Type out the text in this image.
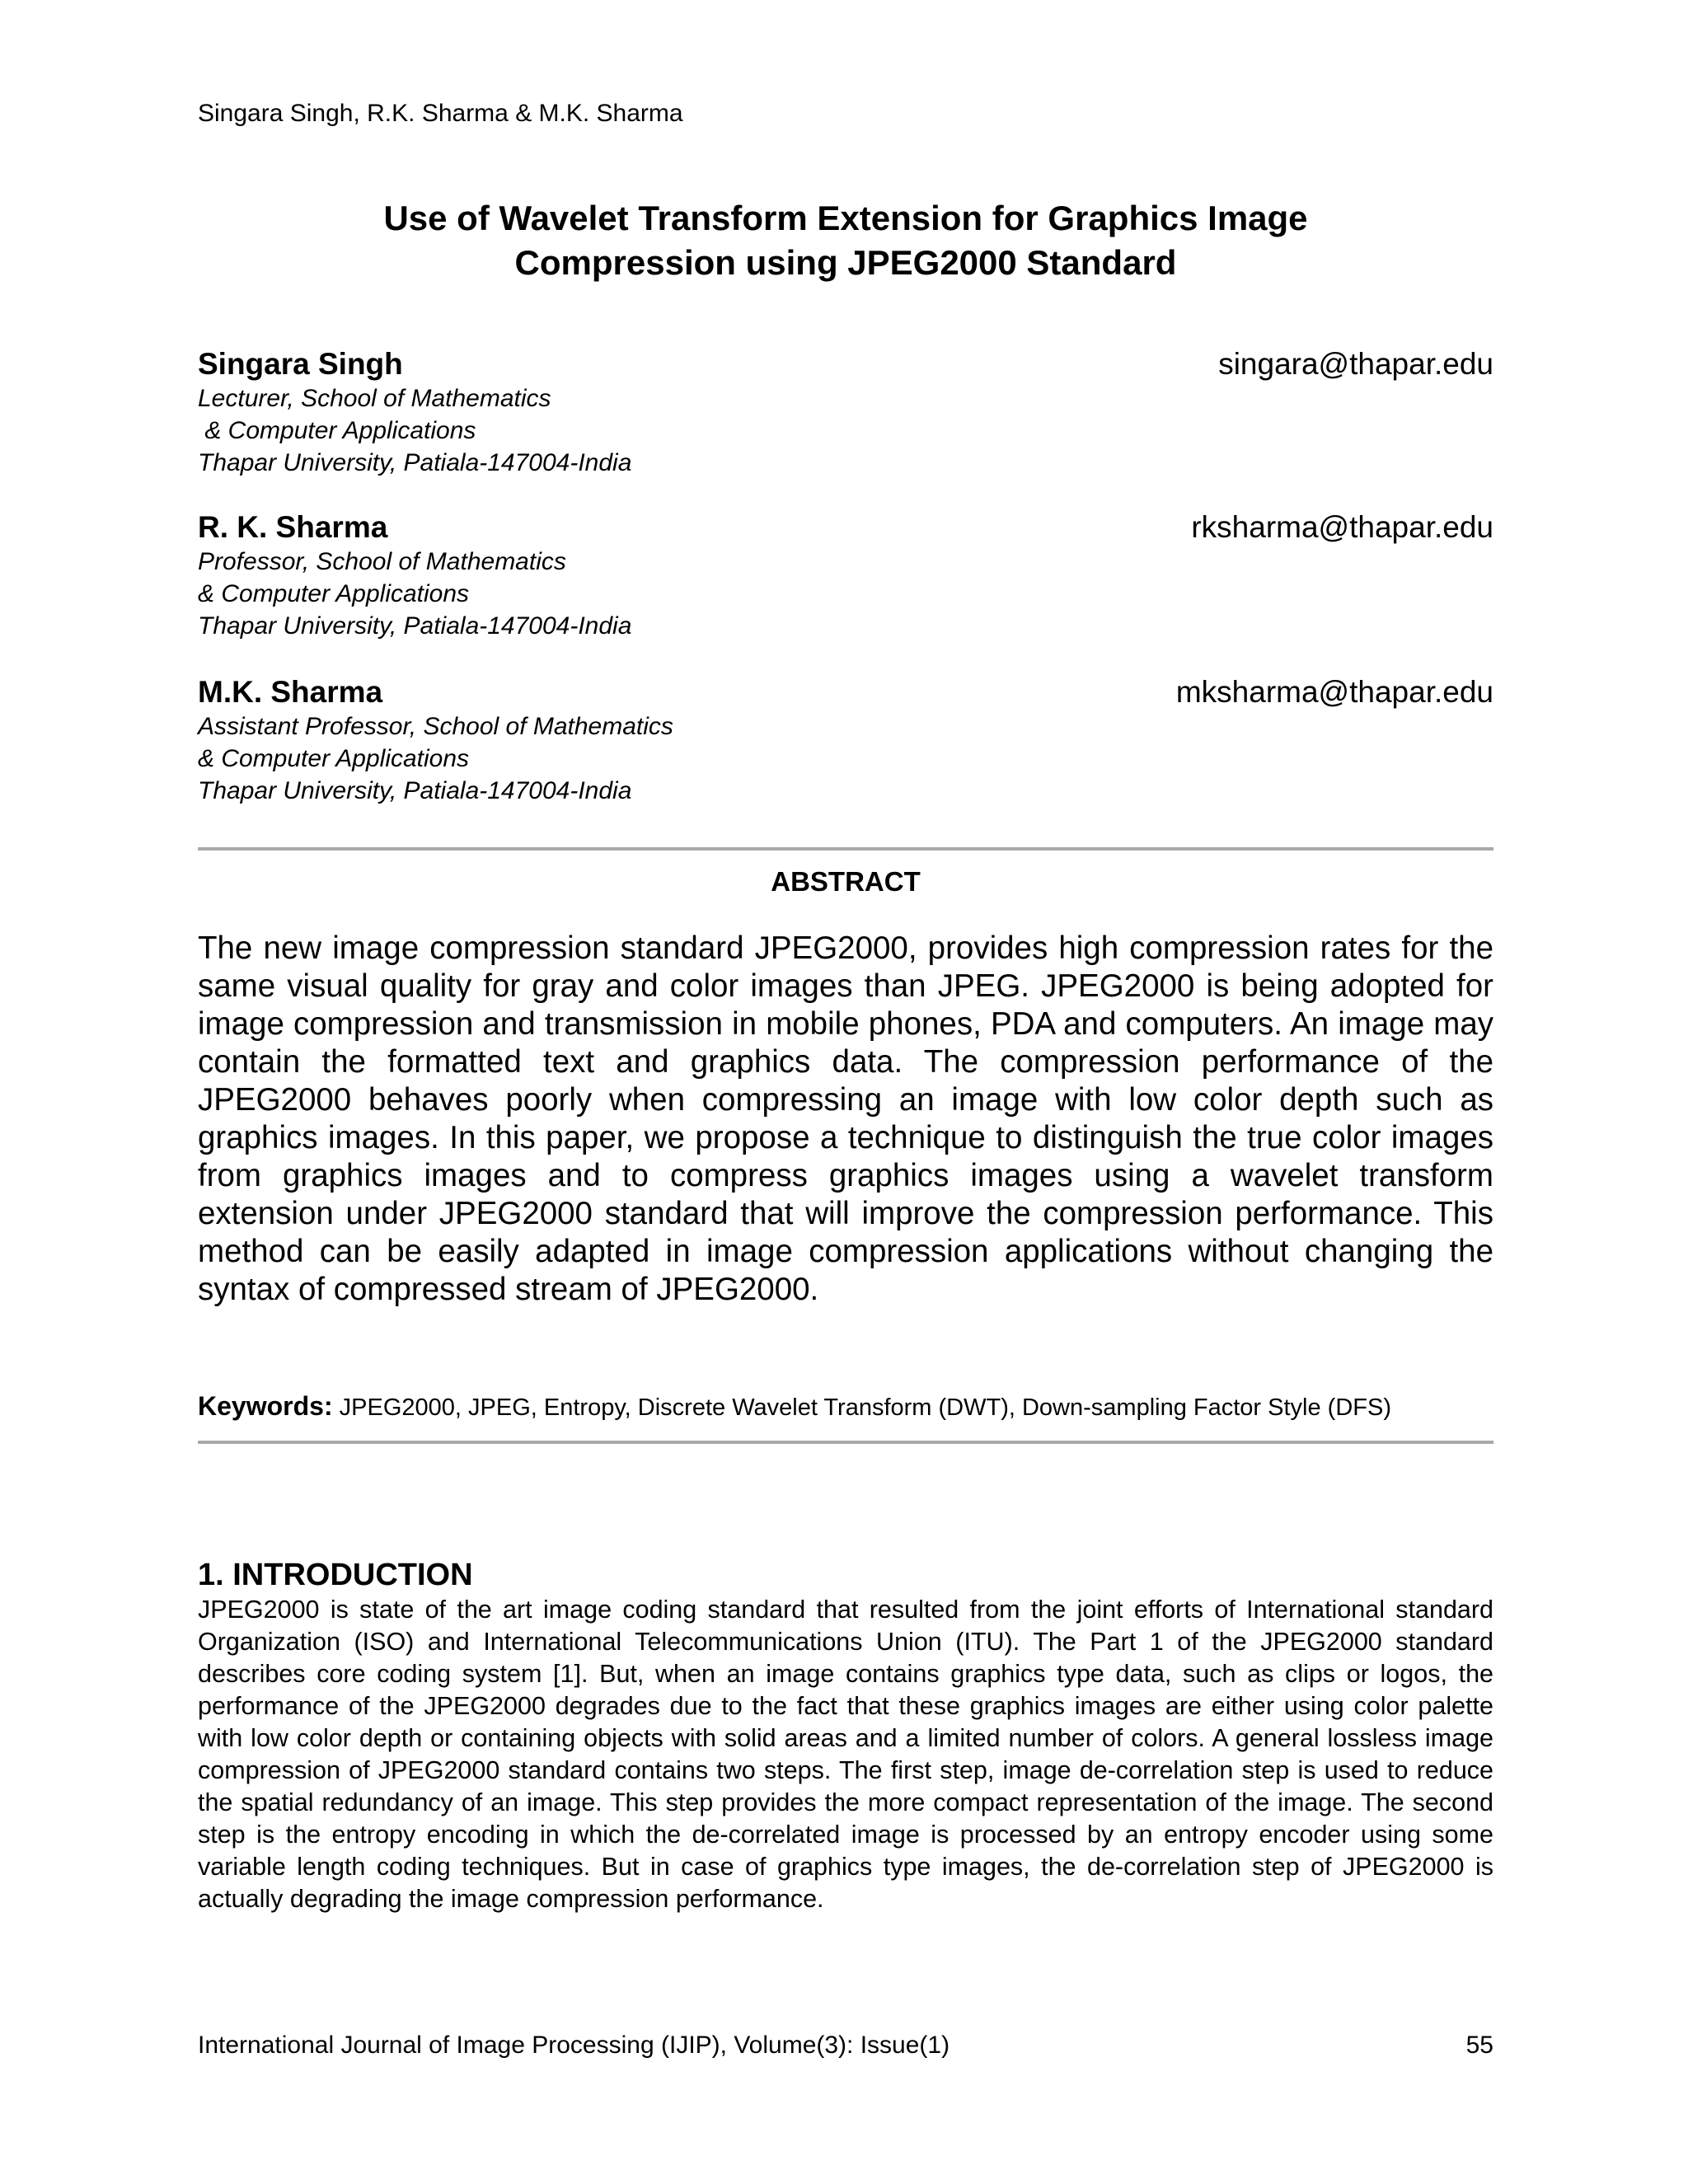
Singara Singh, R.K. Sharma & M.K. Sharma
Use of Wavelet Transform Extension for Graphics Image
Compression using JPEG2000 Standard
Singara Singh	singara@thapar.edu
Lecturer, School of Mathematics
& Computer Applications
Thapar University, Patiala-147004-India
R. K. Sharma	rksharma@thapar.edu
Professor, School of Mathematics
& Computer Applications
Thapar University, Patiala-147004-India
M.K. Sharma	mksharma@thapar.edu
Assistant Professor, School of Mathematics
& Computer Applications
Thapar University, Patiala-147004-India
ABSTRACT
The new image compression standard JPEG2000, provides high compression rates for the same visual quality for gray and color images than JPEG. JPEG2000 is being adopted for image compression and transmission in mobile phones, PDA and computers. An image may contain the formatted text and graphics data. The compression performance of the JPEG2000 behaves poorly when compressing an image with low color depth such as graphics images. In this paper, we propose a technique to distinguish the true color images from graphics images and to compress graphics images using a wavelet transform extension under JPEG2000 standard that will improve the compression performance. This method can be easily adapted in image compression applications without changing the syntax of compressed stream of JPEG2000.
Keywords: JPEG2000, JPEG, Entropy, Discrete Wavelet Transform (DWT), Down-sampling Factor Style (DFS)
1. INTRODUCTION
JPEG2000 is state of the art image coding standard that resulted from the joint efforts of International standard Organization (ISO) and International Telecommunications Union (ITU). The Part 1 of the JPEG2000 standard describes core coding system [1]. But, when an image contains graphics type data, such as clips or logos, the performance of the JPEG2000 degrades due to the fact that these graphics images are either using color palette with low color depth or containing objects with solid areas and a limited number of colors. A general lossless image compression of JPEG2000 standard contains two steps. The first step, image de-correlation step is used to reduce the spatial redundancy of an image. This step provides the more compact representation of the image. The second step is the entropy encoding in which the de-correlated image is processed by an entropy encoder using some variable length coding techniques. But in case of graphics type images, the de-correlation step of JPEG2000 is actually degrading the image compression performance.
International Journal of Image Processing (IJIP), Volume(3): Issue(1)	55
